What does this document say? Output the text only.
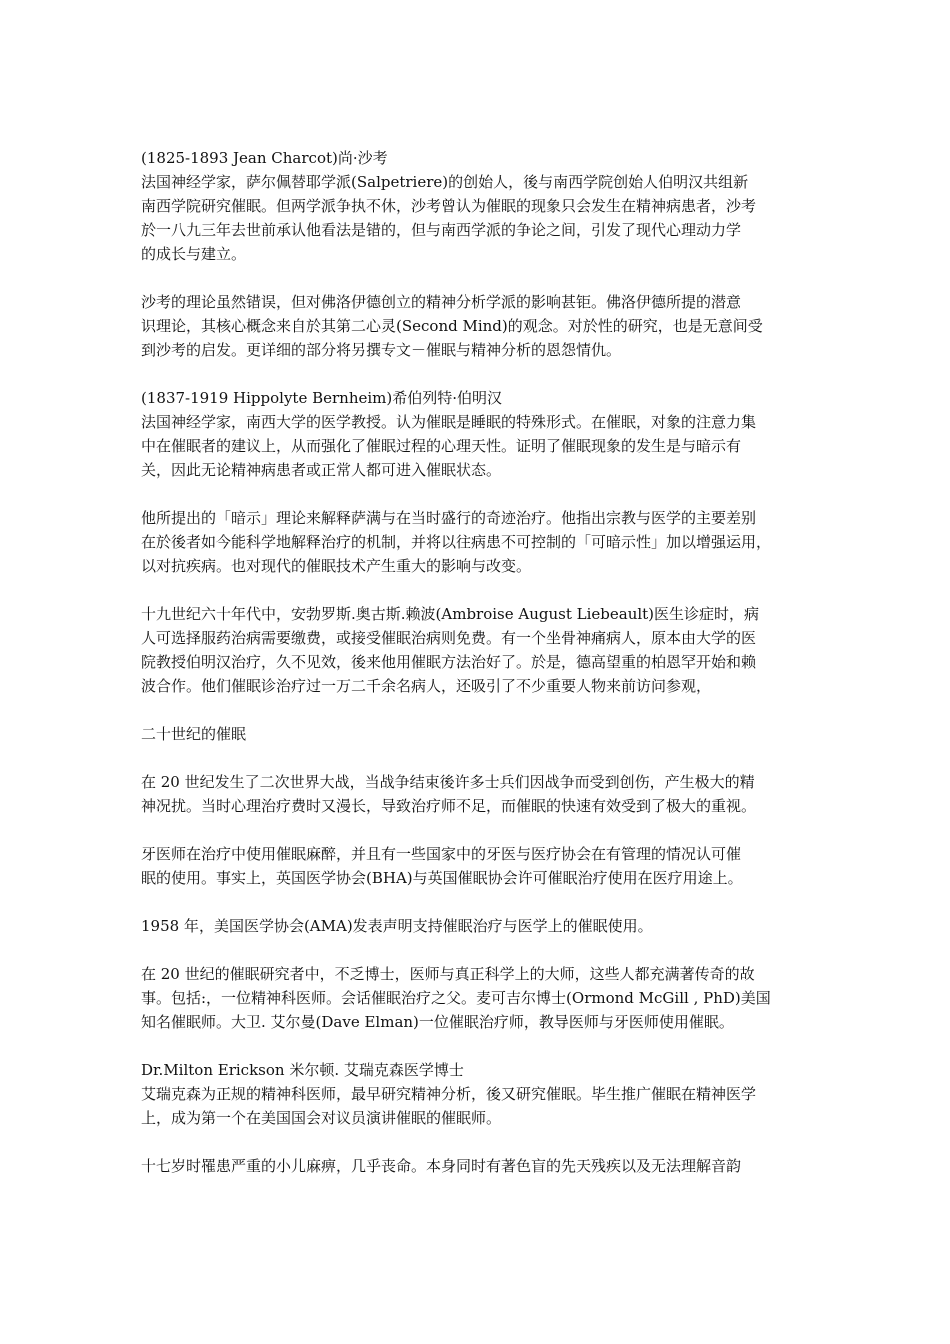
(1825-1893 Jean Charcot)尚·沙考
法国神经学家，萨尔佩替耶学派(Salpetriere)的创始人，後与南西学院创始人伯明汉共组新
南西学院研究催眠。但两学派争执不休，沙考曾认为催眠的现象只会发生在精神病患者，沙考
於一八九三年去世前承认他看法是错的，但与南西学派的争论之间，引发了现代心理动力学
的成长与建立。

沙考的理论虽然错误，但对佛洛伊德创立的精神分析学派的影响甚钜。佛洛伊德所提的潜意
识理论，其核心概念来自於其第二心灵(Second Mind)的观念。对於性的研究，也是无意间受
到沙考的启发。更详细的部分将另撰专文－催眠与精神分析的恩怨情仇。

(1837-1919 Hippolyte Bernheim)希伯列特·伯明汉
法国神经学家，南西大学的医学教授。认为催眠是睡眠的特殊形式。在催眠，对象的注意力集
中在催眠者的建议上，从而强化了催眠过程的心理天性。证明了催眠现象的发生是与暗示有
关，因此无论精神病患者或正常人都可进入催眠状态。

他所提出的「暗示」理论来解释萨满与在当时盛行的奇迹治疗。他指出宗教与医学的主要差别
在於後者如今能科学地解释治疗的机制，并将以往病患不可控制的「可暗示性」加以增强运用，
以对抗疾病。也对现代的催眠技术产生重大的影响与改变。

十九世纪六十年代中，安勃罗斯.奥古斯.赖波(Ambroise August Liebeault)医生诊症时，病
人可选择服药治病需要缴费，或接受催眠治病则免费。有一个坐骨神痛病人，原本由大学的医
院教授伯明汉治疗，久不见效，後来他用催眠方法治好了。於是，德高望重的柏恩罕开始和赖
波合作。他们催眠诊治疗过一万二千余名病人，还吸引了不少重要人物来前访问参观，

二十世纪的催眠

在 20 世纪发生了二次世界大战，当战争结束後许多士兵们因战争而受到创伤，产生极大的精
神况扰。当时心理治疗费时又漫长，导致治疗师不足，而催眠的快速有效受到了极大的重视。

牙医师在治疗中使用催眠麻醉，并且有一些国家中的牙医与医疗协会在有管理的情况认可催
眠的使用。事实上，英国医学协会(BHA)与英国催眠协会许可催眠治疗使用在医疗用途上。

1958 年，美国医学协会(AMA)发表声明支持催眠治疗与医学上的催眠使用。

在 20 世纪的催眠研究者中，不乏博士，医师与真正科学上的大师，这些人都充满著传奇的故
事。包括:，一位精神科医师。会话催眠治疗之父。麦可吉尔博士(Ormond McGill , PhD)美国
知名催眠师。大卫. 艾尔曼(Dave Elman)一位催眠治疗师，教导医师与牙医师使用催眠。

Dr.Milton Erickson 米尔顿. 艾瑞克森医学博士
艾瑞克森为正规的精神科医师，最早研究精神分析，後又研究催眠。毕生推广催眠在精神医学
上，成为第一个在美国国会对议员演讲催眠的催眠师。

十七岁时罹患严重的小儿麻痹，几乎丧命。本身同时有著色盲的先天残疾以及无法理解音韵
